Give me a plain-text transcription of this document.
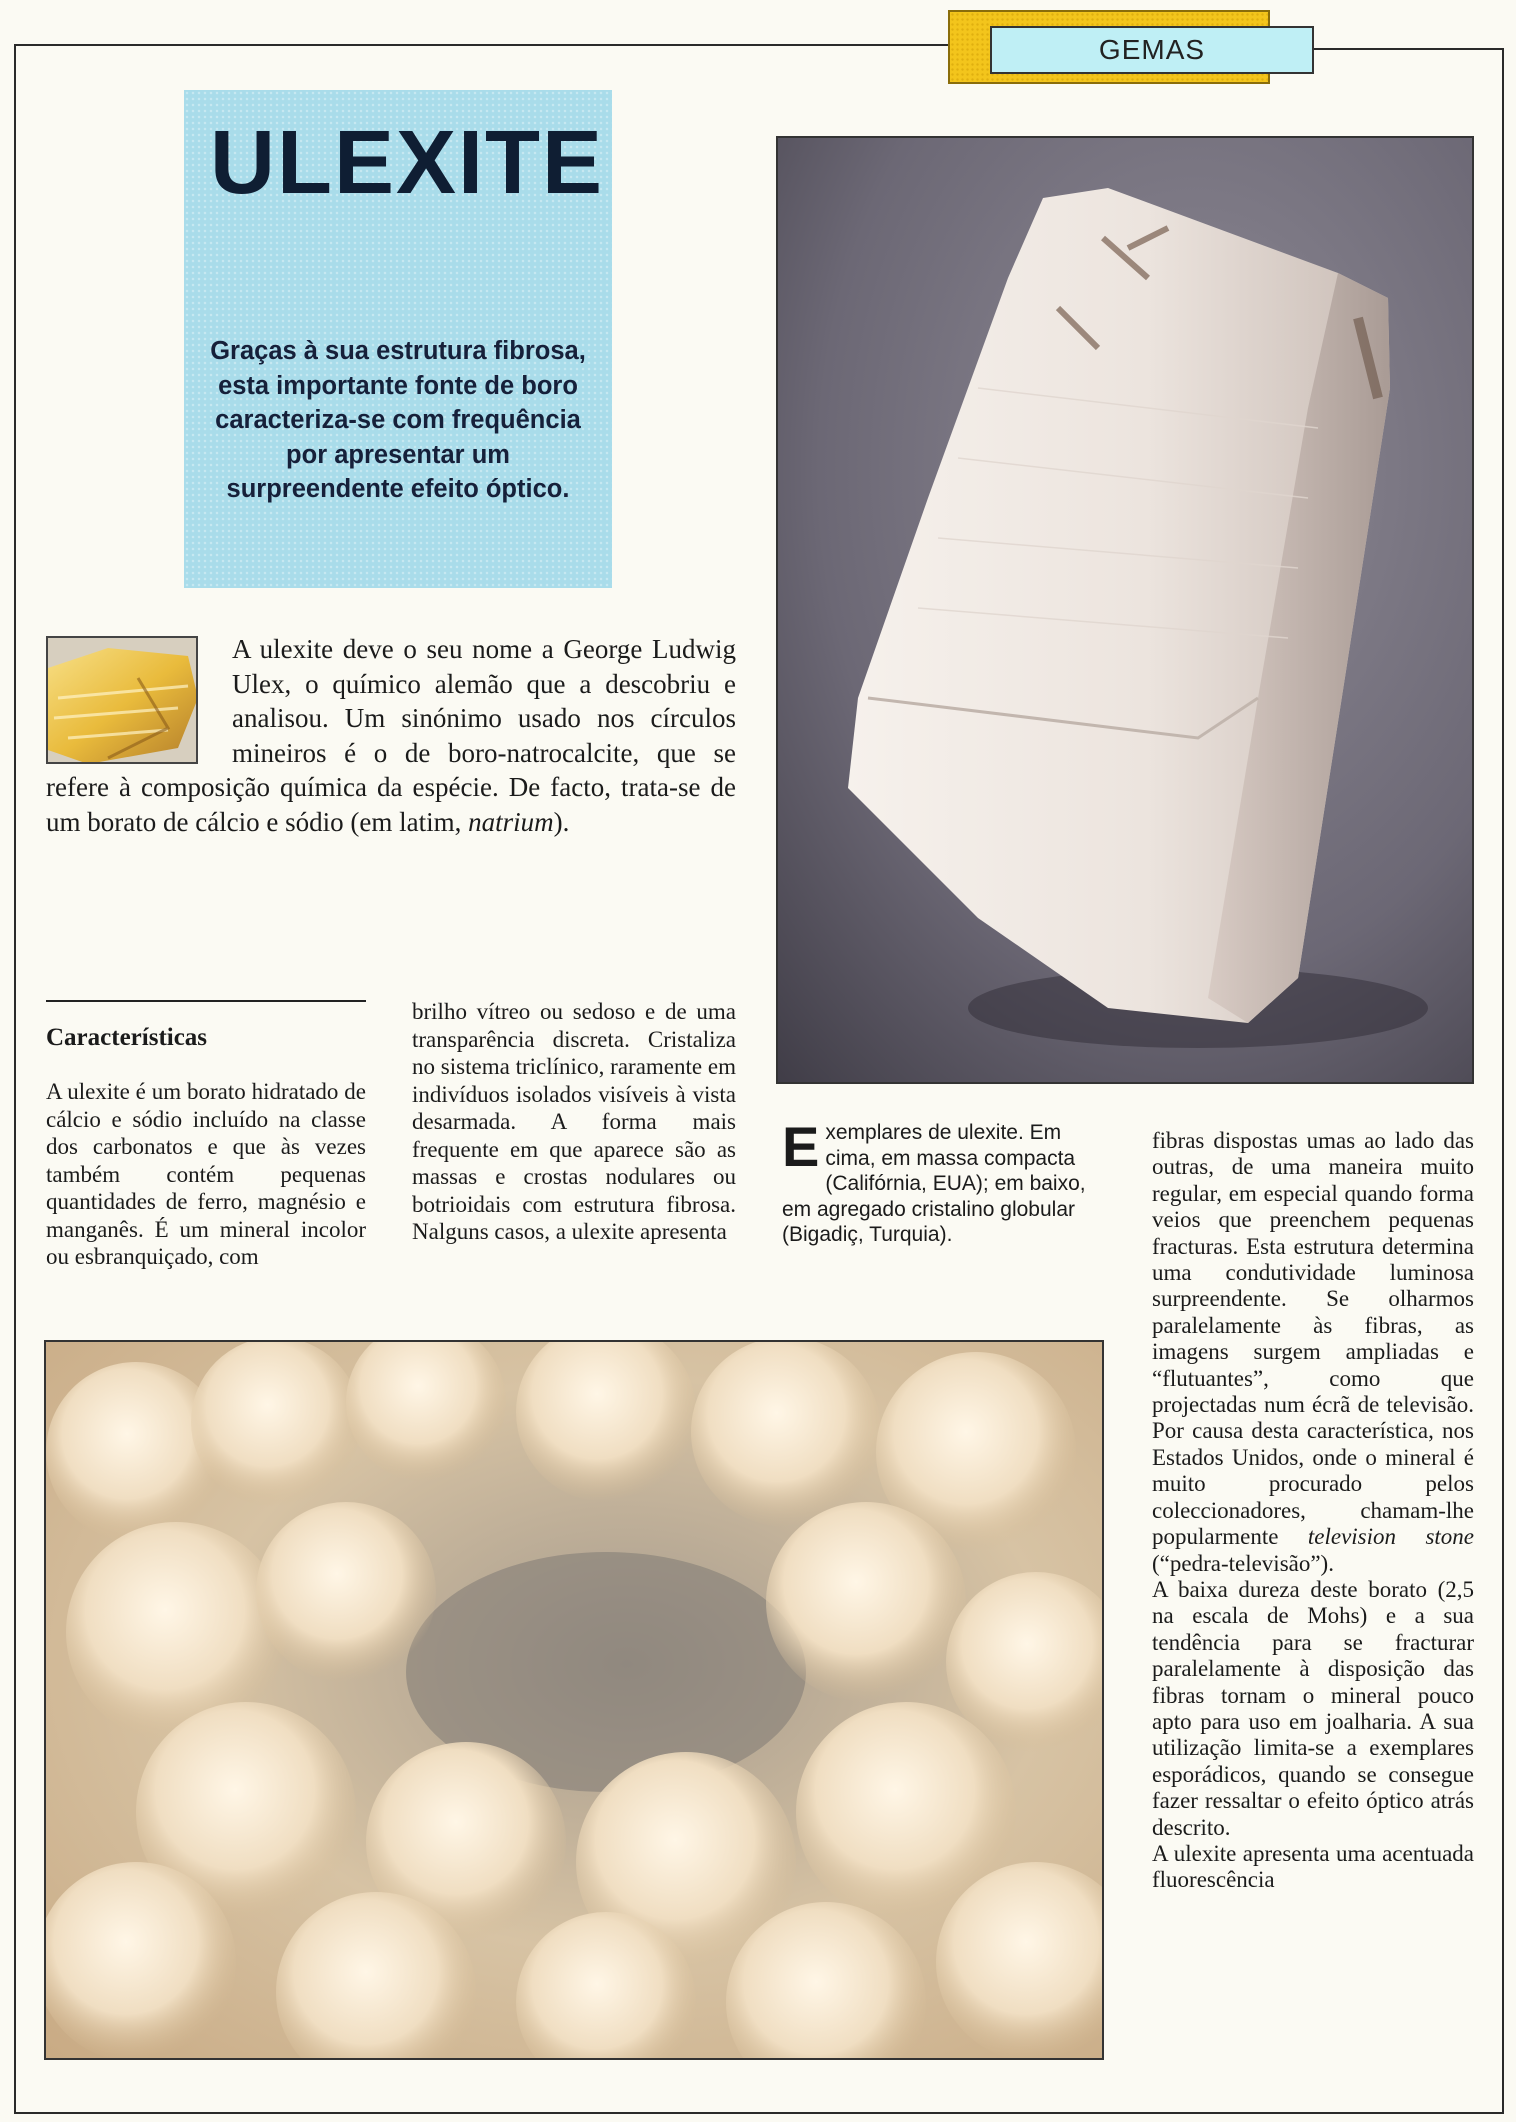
GEMAS
ULEXITE
Graças à sua estrutura fibrosa, esta importante fonte de boro caracteriza-se com frequência por apresentar um surpreendente efeito óptico.
A ulexite deve o seu nome a George Ludwig Ulex, o químico alemão que a descobriu e analisou. Um sinónimo usado nos círculos mineiros é o de boro-natrocalcite, que se refere à composição química da espécie. De facto, trata-se de um borato de cálcio e sódio (em latim, natrium).
Características
A ulexite é um borato hidratado de cálcio e sódio incluído na classe dos carbonatos e que às vezes também contém pequenas quantidades de ferro, magnésio e manganês. É um mineral incolor ou esbranquiçado, com
brilho vítreo ou sedoso e de uma transparência discreta. Cristaliza no sistema triclínico, raramente em indivíduos isolados visíveis à vista desarmada. A forma mais frequente em que aparece são as massas e crostas nodulares ou botrioidais com estrutura fibrosa. Nalguns casos, a ulexite apresenta
Exemplares de ulexite. Em cima, em massa compacta (Califórnia, EUA); em baixo, em agregado cristalino globular (Bigadiç, Turquia).

fibras dispostas umas ao lado das outras, de uma maneira muito regular, em especial quando forma veios que preenchem pequenas fracturas. Esta estrutura determina uma condutividade luminosa surpreendente. Se olharmos paralelamente às fibras, as imagens surgem ampliadas e “flutuantes”, como que projectadas num écrã de televisão. Por causa desta característica, nos Estados Unidos, onde o mineral é muito procurado pelos coleccionadores, chamam-lhe popularmente television stone (“pedra-televisão”).

A baixa dureza deste borato (2,5 na escala de Mohs) e a sua tendência para se fracturar paralelamente à disposição das fibras tornam o mineral pouco apto para uso em joalharia. A sua utilização limita-se a exemplares esporádicos, quando se consegue fazer ressaltar o efeito óptico atrás descrito.

A ulexite apresenta uma acentuada fluorescência
